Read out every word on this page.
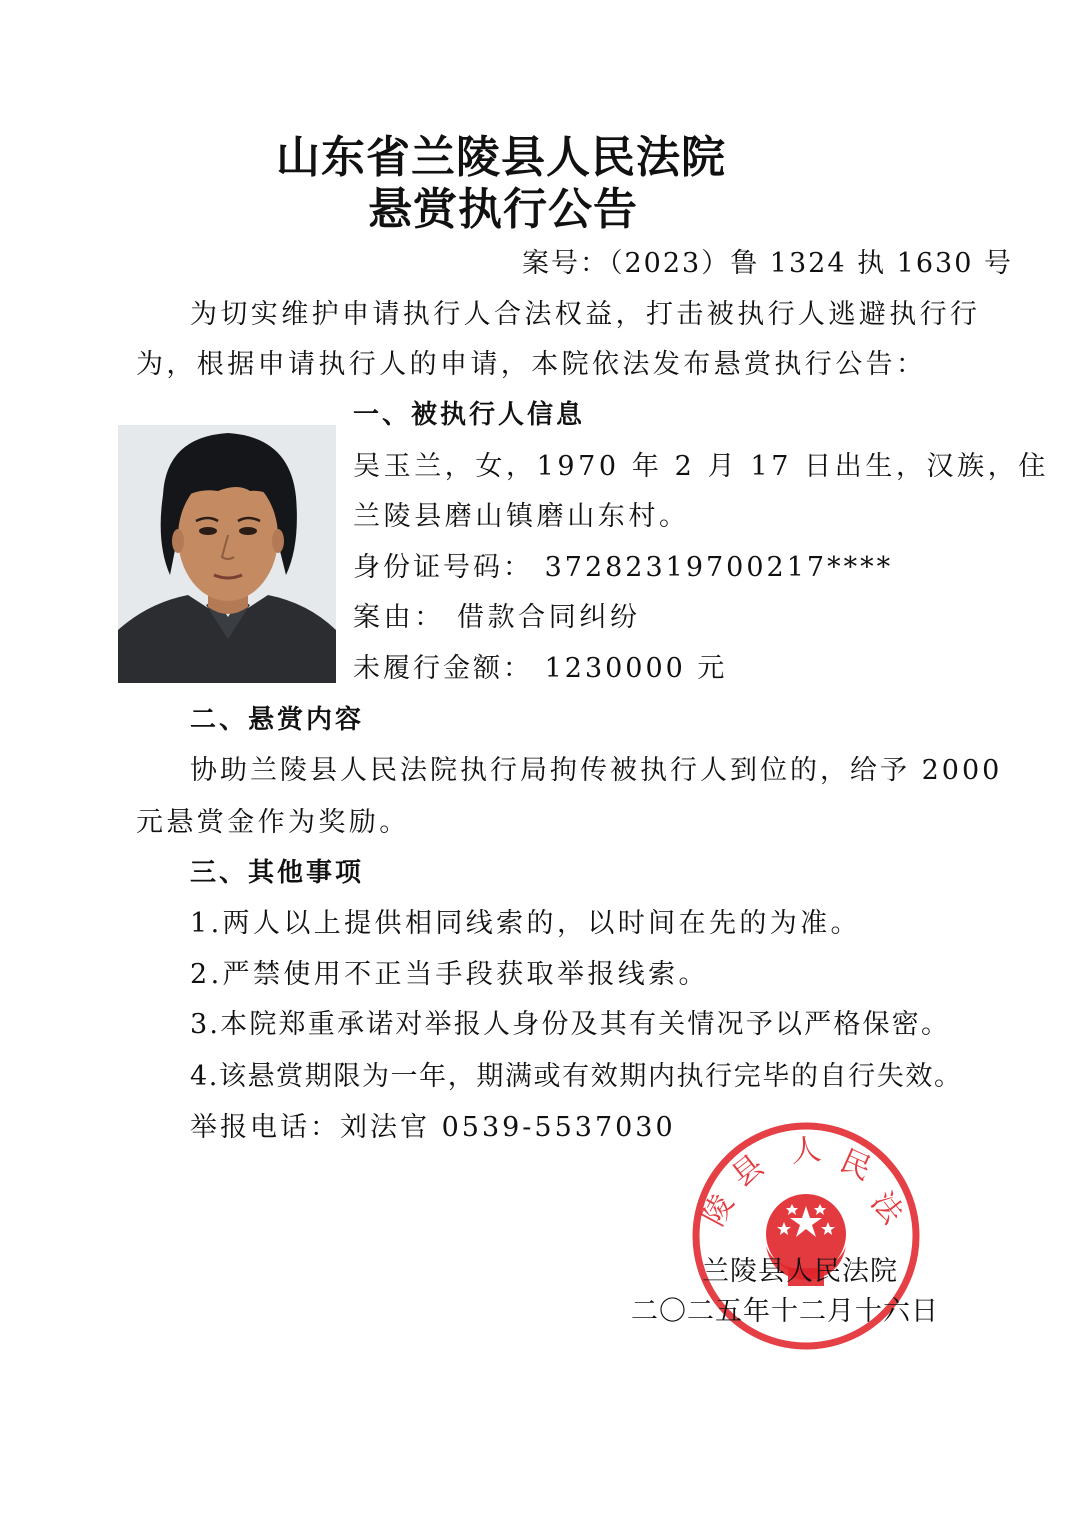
山东省兰陵县人民法院
悬赏执行公告
案号：（2023）鲁 1324 执 1630 号
为切实维护申请执行人合法权益，打击被执行人逃避执行行
为，根据申请执行人的申请，本院依法发布悬赏执行公告：
一、被执行人信息
吴玉兰，女，1970 年 2 月 17 日出生，汉族，住
兰陵县磨山镇磨山东村。
身份证号码： 37282319700217****
案由： 借款合同纠纷
未履行金额： 1230000 元
二、悬赏内容
协助兰陵县人民法院执行局拘传被执行人到位的，给予 2000
元悬赏金作为奖励。
三、其他事项
1.两人以上提供相同线索的，以时间在先的为准。
2.严禁使用不正当手段获取举报线索。
3.本院郑重承诺对举报人身份及其有关情况予以严格保密。
4.该悬赏期限为一年，期满或有效期内执行完毕的自行失效。
举报电话：刘法官 0539-5537030
陵
县 人 民
法
兰陵县人民法院
二〇二五年十二月十六日
